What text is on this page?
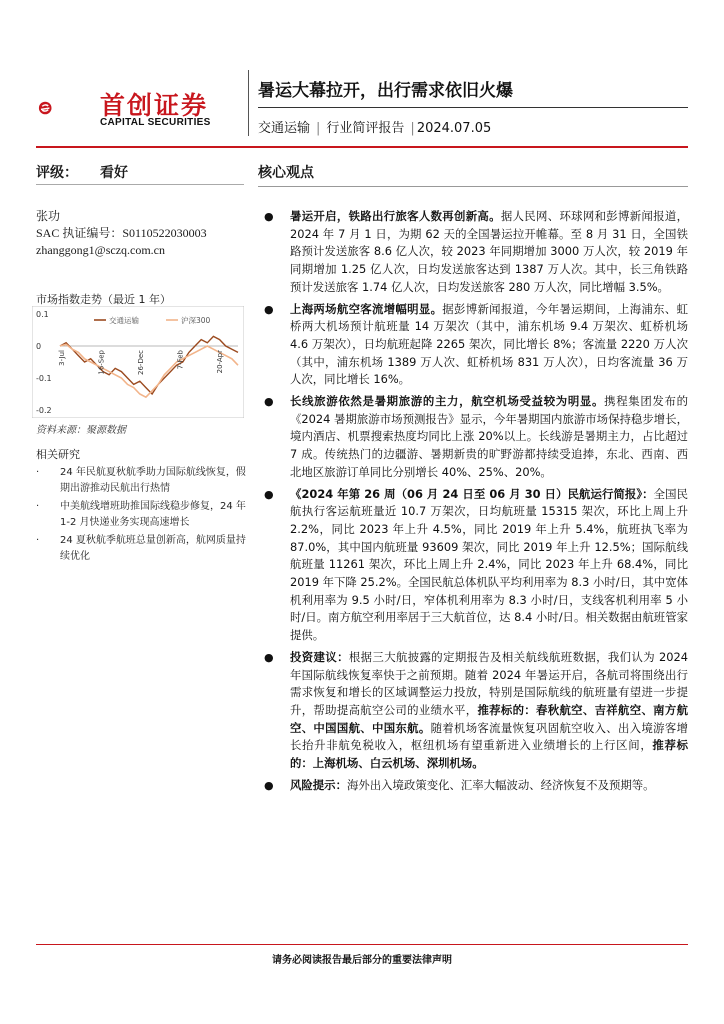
首创证券
CAPITAL SECURITIES
暑运大幕拉开，出行需求依旧火爆
交通运输 | 行业简评报告 | 2024.07.05
评级： 看好
张功
SAC 执证编号：S0110522030003
zhanggong1@sczq.com.cn
市场指数走势（最近 1 年）
0.1
0
-0.1
-0.2
3-Jul	16-Sep	26-Dec	7-Feb	20-Apr
交通运输	沪深300
资料来源：聚源数据
相关研究
· 24 年民航夏秋航季助力国际航线恢复，假期出游推动民航出行热情
· 中美航线增班助推国际线稳步修复，24 年 1-2 月快递业务实现高速增长
· 24 夏秋航季航班总量创新高，航网质量持续优化
核心观点
● 暑运开启，铁路出行旅客人数再创新高。据人民网、环球网和彭博新闻报道，2024 年 7 月 1 日，为期 62 天的全国暑运拉开帷幕。至 8 月 31 日，全国铁路预计发送旅客 8.6 亿人次，较 2023 年同期增加 3000 万人次，较 2019 年同期增加 1.25 亿人次，日均发送旅客达到 1387 万人次。其中，长三角铁路预计发送旅客 1.74 亿人次，日均发送旅客 280 万人次，同比增幅 3.5%。
● 上海两场航空客流增幅明显。据彭博新闻报道，今年暑运期间，上海浦东、虹桥两大机场预计航班量 14 万架次（其中，浦东机场 9.4 万架次、虹桥机场 4.6 万架次），日均航班起降 2265 架次，同比增长 8%；客流量 2220 万人次（其中，浦东机场 1389 万人次、虹桥机场 831 万人次），日均客流量 36 万人次，同比增长 16%。
● 长线旅游依然是暑期旅游的主力，航空机场受益较为明显。携程集团发布的《2024 暑期旅游市场预测报告》显示，今年暑期国内旅游市场保持稳步增长，境内酒店、机票搜索热度均同比上涨 20%以上。长线游是暑期主力，占比超过 7 成。传统热门的边疆游、暑期新贵的旷野游都持续受追捧，东北、西南、西北地区旅游订单同比分别增长 40%、25%、20%。
● 《2024 年第 26 周（06 月 24 日至 06 月 30 日）民航运行简报》：全国民航执行客运航班量近 10.7 万架次，日均航班量 15315 架次，环比上周上升 2.2%，同比 2023 年上升 4.5%，同比 2019 年上升 5.4%，航班执飞率为 87.0%，其中国内航班量 93609 架次，同比 2019 年上升 12.5%；国际航线航班量 11261 架次，环比上周上升 2.4%，同比 2023 年上升 68.4%，同比 2019 年下降 25.2%。全国民航总体机队平均利用率为 8.3 小时/日，其中宽体机利用率为 9.5 小时/日，窄体机利用率为 8.3 小时/日，支线客机利用率 5 小时/日。南方航空利用率居于三大航首位，达 8.4 小时/日。相关数据由航班管家提供。
● 投资建议：根据三大航披露的定期报告及相关航线航班数据，我们认为 2024 年国际航线恢复率快于之前预期。随着 2024 年暑运开启，各航司将围绕出行需求恢复和增长的区域调整运力投放，特别是国际航线的航班量有望进一步提升，帮助提高航空公司的业绩水平，推荐标的：春秋航空、吉祥航空、南方航空、中国国航、中国东航。随着机场客流量恢复巩固航空收入、出入境游客增长抬升非航免税收入，枢纽机场有望重新进入业绩增长的上行区间，推荐标的：上海机场、白云机场、深圳机场。
● 风险提示：海外出入境政策变化、汇率大幅波动、经济恢复不及预期等。
请务必阅读报告最后部分的重要法律声明
